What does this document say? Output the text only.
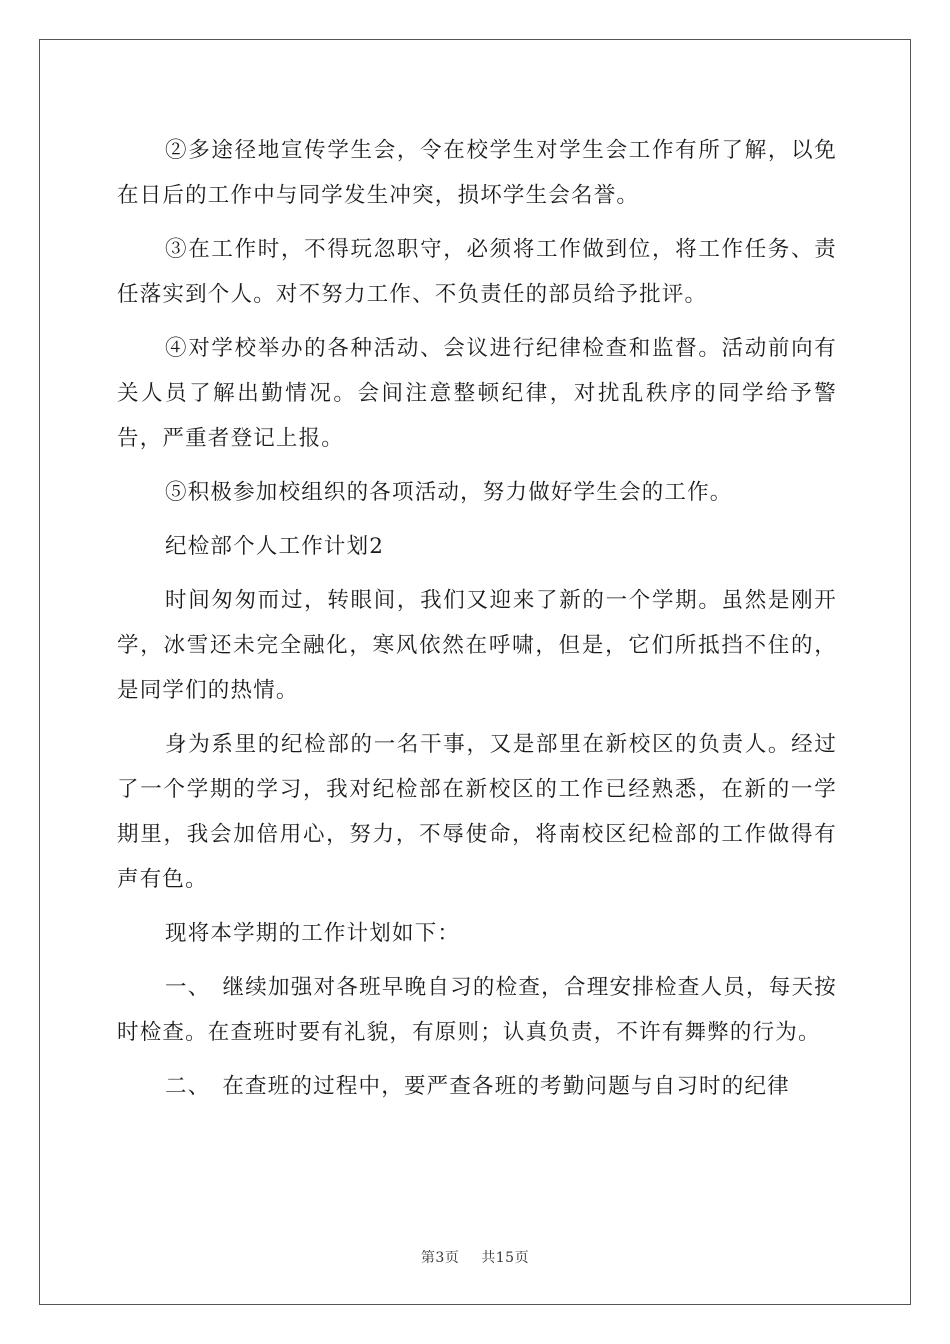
②多途径地宣传学生会，令在校学生对学生会工作有所了解，以免在日后的工作中与同学发生冲突，损坏学生会名誉。

③在工作时，不得玩忽职守，必须将工作做到位，将工作任务、责任落实到个人。对不努力工作、不负责任的部员给予批评。

④对学校举办的各种活动、会议进行纪律检查和监督。活动前向有关人员了解出勤情况。会间注意整顿纪律，对扰乱秩序的同学给予警告，严重者登记上报。

⑤积极参加校组织的各项活动，努力做好学生会的工作。

纪检部个人工作计划2

时间匆匆而过，转眼间，我们又迎来了新的一个学期。虽然是刚开学，冰雪还未完全融化，寒风依然在呼啸，但是，它们所抵挡不住的，是同学们的热情。

身为系里的纪检部的一名干事，又是部里在新校区的负责人。经过了一个学期的学习，我对纪检部在新校区的工作已经熟悉，在新的一学期里，我会加倍用心，努力，不辱使命，将南校区纪检部的工作做得有声有色。

现将本学期的工作计划如下：

一、　继续加强对各班早晚自习的检查，合理安排检查人员，每天按时检查。在查班时要有礼貌，有原则；认真负责，不许有舞弊的行为。

二、　在查班的过程中，要严查各班的考勤问题与自习时的纪律

第3页 共15页
